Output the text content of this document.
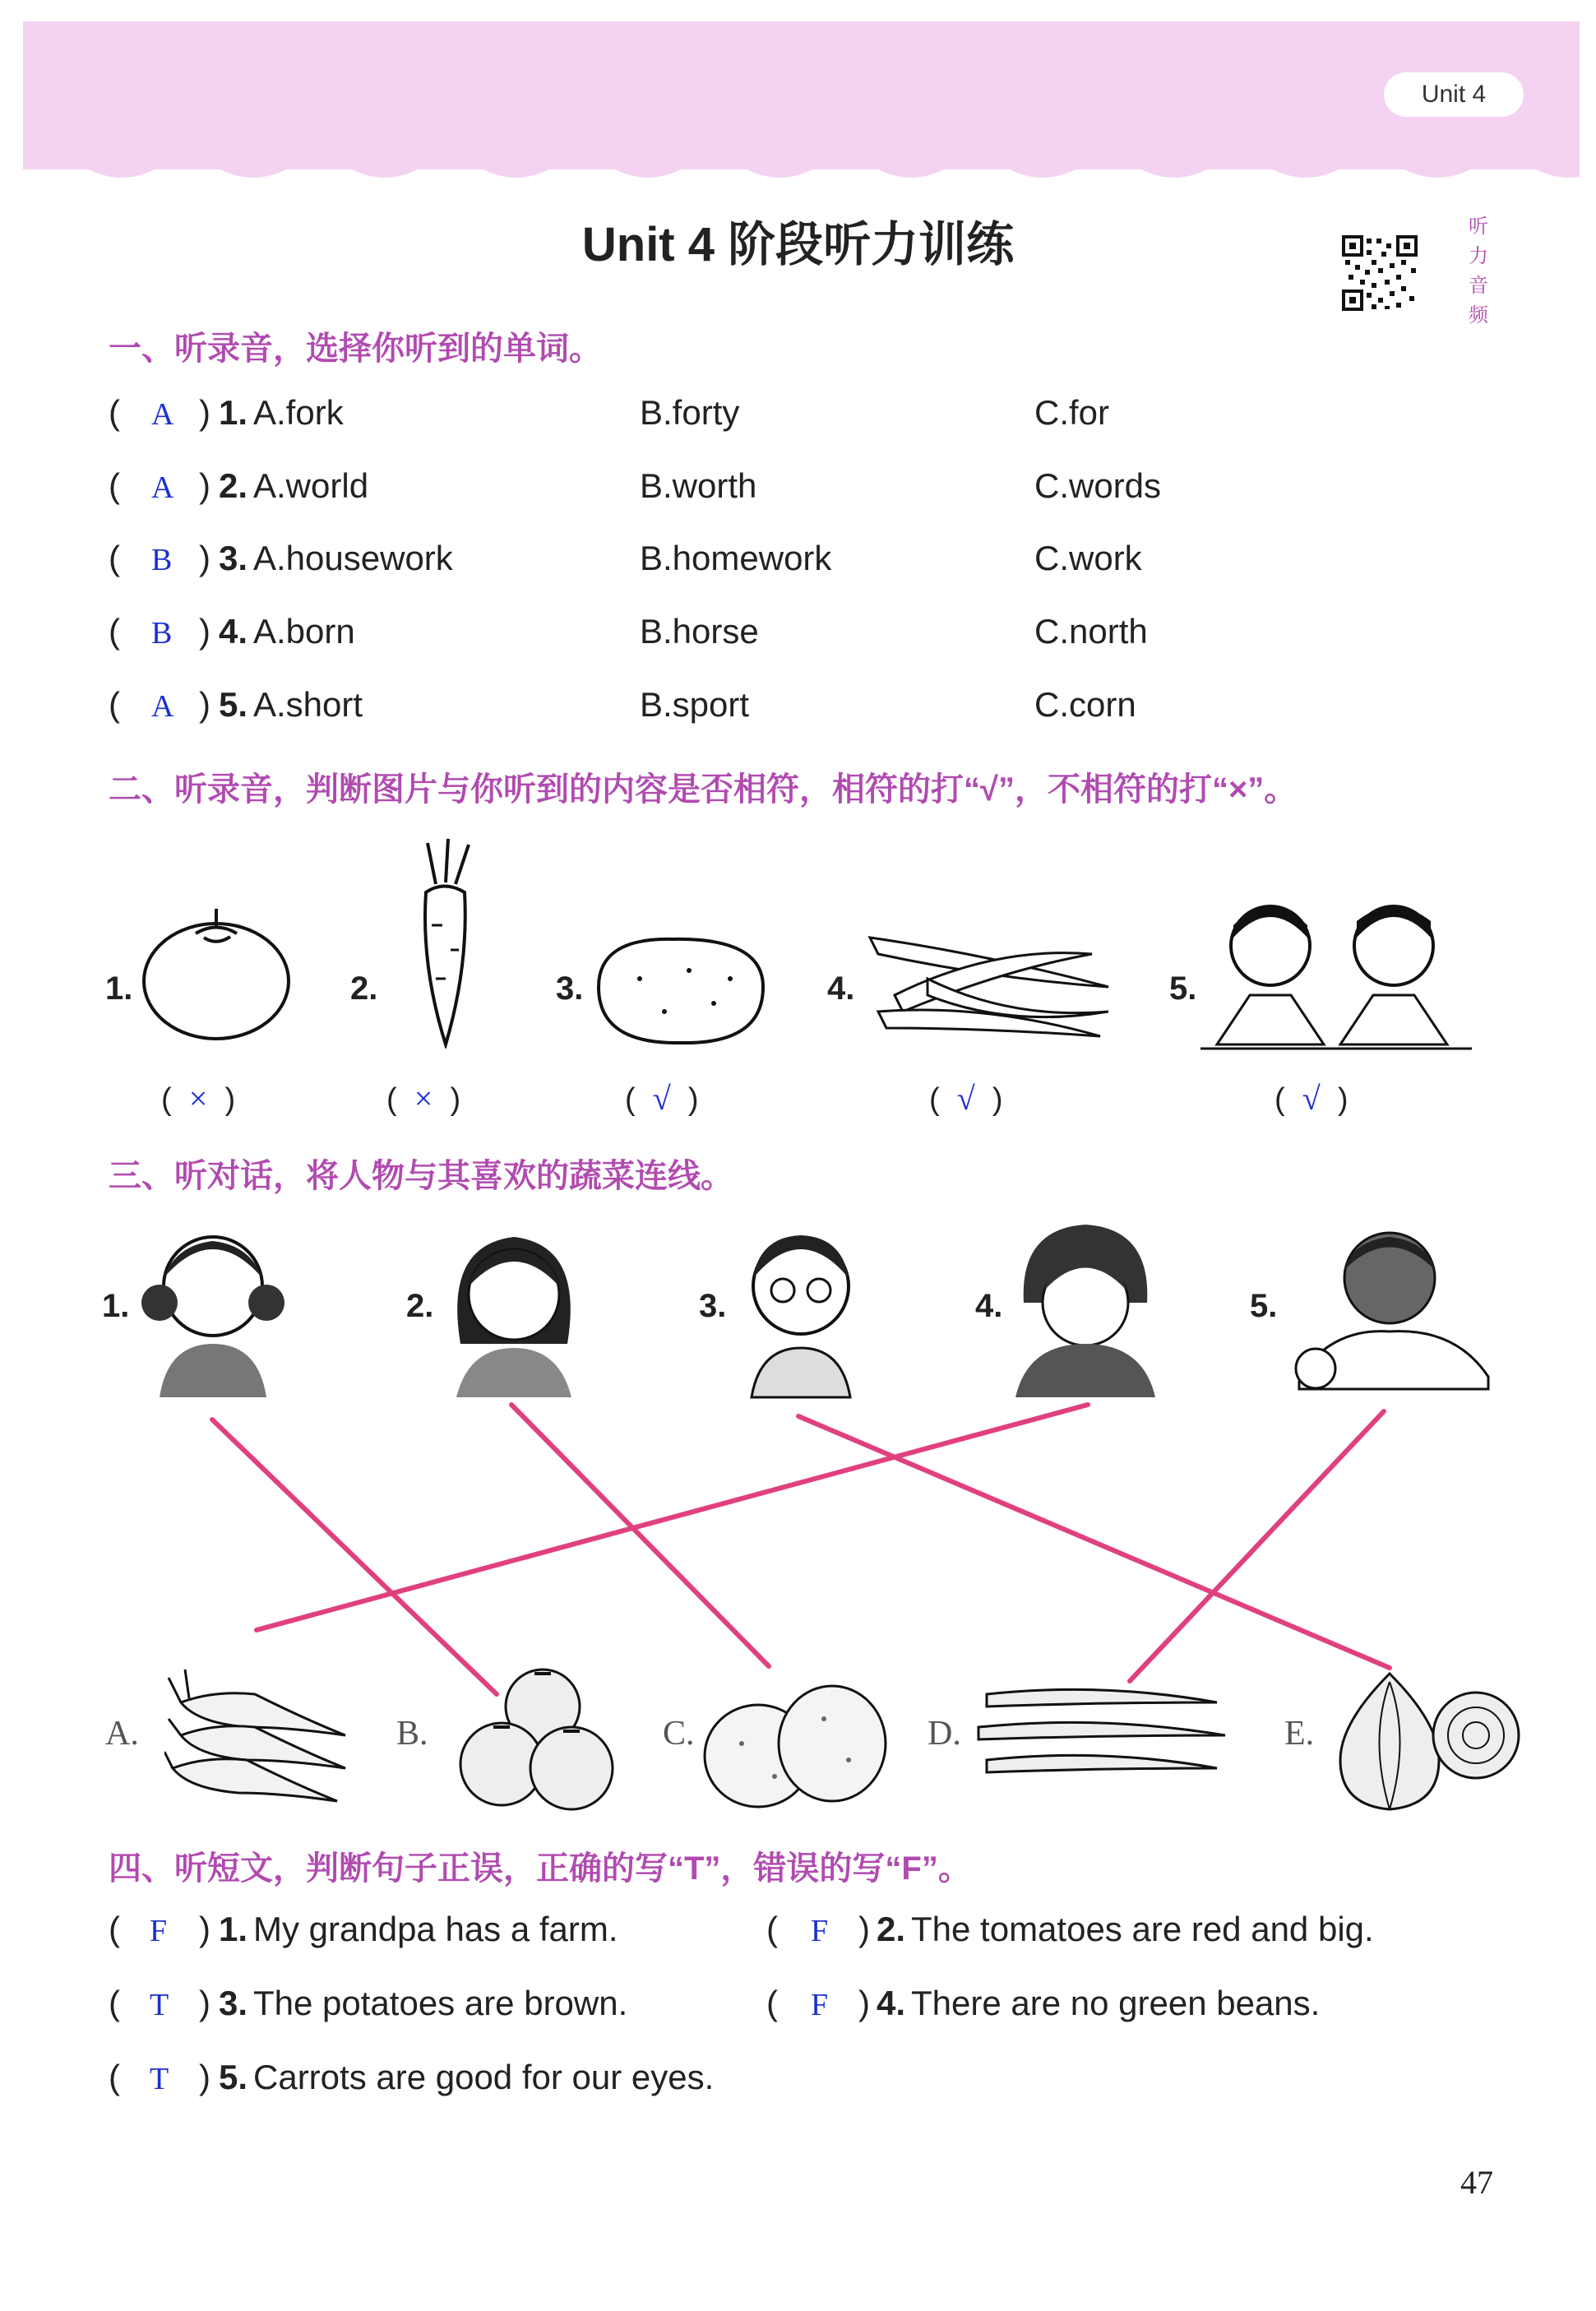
Unit 4
Unit 4 阶段听力训练	听
力
音
频
一、听录音，选择你听到的单词。
( A ) 1. A.fork	B.forty	C.for
( A ) 2. A.world	B.worth	C.words
( B ) 3. A.housework	B.homework	C.work
( B ) 4. A.born	B.horse	C.north
( A ) 5. A.short	B.sport	C.corn
二、听录音，判断图片与你听到的内容是否相符，相符的打“√”，不相符的打“×”。
1.	2.	3.	4.	5.
(  ×  )	(  ×  )	(  √  )	(  √  )	(  √  )
三、听对话，将人物与其喜欢的蔬菜连线。
1.	2.	3.	4.	5.
A.	B.	C.	D.	E.
四、听短文，判断句子正误，正确的写“T”，错误的写“F”。
( F ) 1. My grandpa has a farm.	( F ) 2. The tomatoes are red and big.
( T ) 3. The potatoes are brown.	( F ) 4. There are no green beans.
( T ) 5. Carrots are good for our eyes.
47
